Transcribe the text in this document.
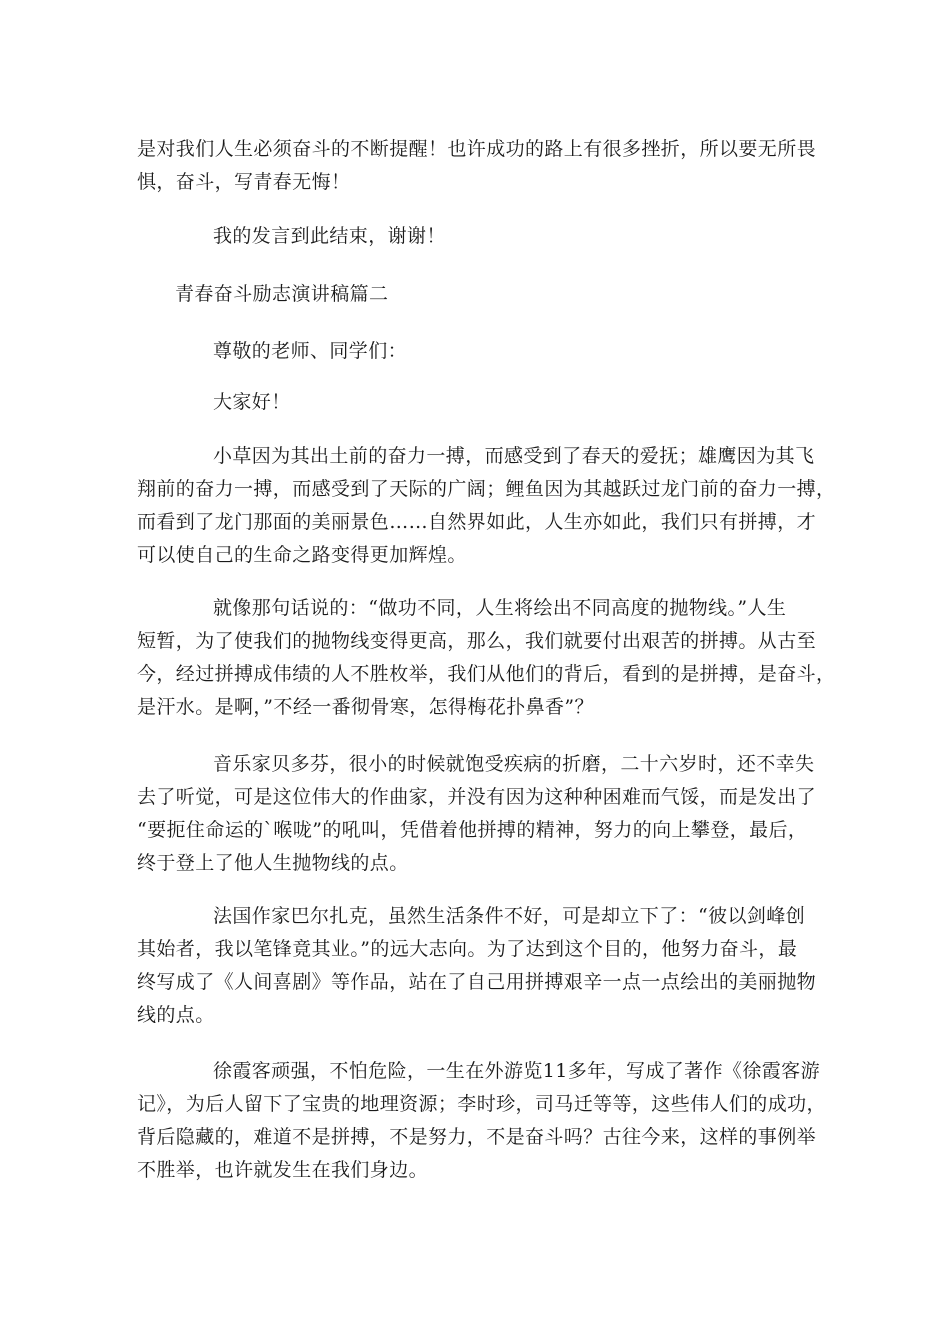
是对我们人生必须奋斗的不断提醒！也许成功的路上有很多挫折，所以要无所畏
惧，奋斗，写青春无悔！

我的发言到此结束，谢谢！

青春奋斗励志演讲稿篇二

尊敬的老师、同学们：

大家好！

小草因为其出土前的奋力一搏，而感受到了春天的爱抚；雄鹰因为其飞
翔前的奋力一搏，而感受到了天际的广阔；鲤鱼因为其越跃过龙门前的奋力一搏，
而看到了龙门那面的美丽景色……自然界如此，人生亦如此，我们只有拼搏，才
可以使自己的生命之路变得更加辉煌。

就像那句话说的：“做功不同，人生将绘出不同高度的抛物线。”人生
短暂，为了使我们的抛物线变得更高，那么，我们就要付出艰苦的拼搏。从古至
今，经过拼搏成伟绩的人不胜枚举，我们从他们的背后，看到的是拼搏，是奋斗，
是汗水。是啊，”不经一番彻骨寒，怎得梅花扑鼻香”？

音乐家贝多芬，很小的时候就饱受疾病的折磨，二十六岁时，还不幸失
去了听觉，可是这位伟大的作曲家，并没有因为这种种困难而气馁，而是发出了
“要扼住命运的`喉咙”的吼叫，凭借着他拼搏的精神，努力的向上攀登，最后，
终于登上了他人生抛物线的点。

法国作家巴尔扎克，虽然生活条件不好，可是却立下了：“彼以剑峰创
其始者，我以笔锋竟其业。”的远大志向。为了达到这个目的，他努力奋斗，最
终写成了《人间喜剧》等作品，站在了自己用拼搏艰辛一点一点绘出的美丽抛物
线的点。

徐霞客顽强，不怕危险，一生在外游览11多年，写成了著作《徐霞客游
记》，为后人留下了宝贵的地理资源；李时珍，司马迁等等，这些伟人们的成功，
背后隐藏的，难道不是拼搏，不是努力，不是奋斗吗？古往今来，这样的事例举
不胜举，也许就发生在我们身边。
